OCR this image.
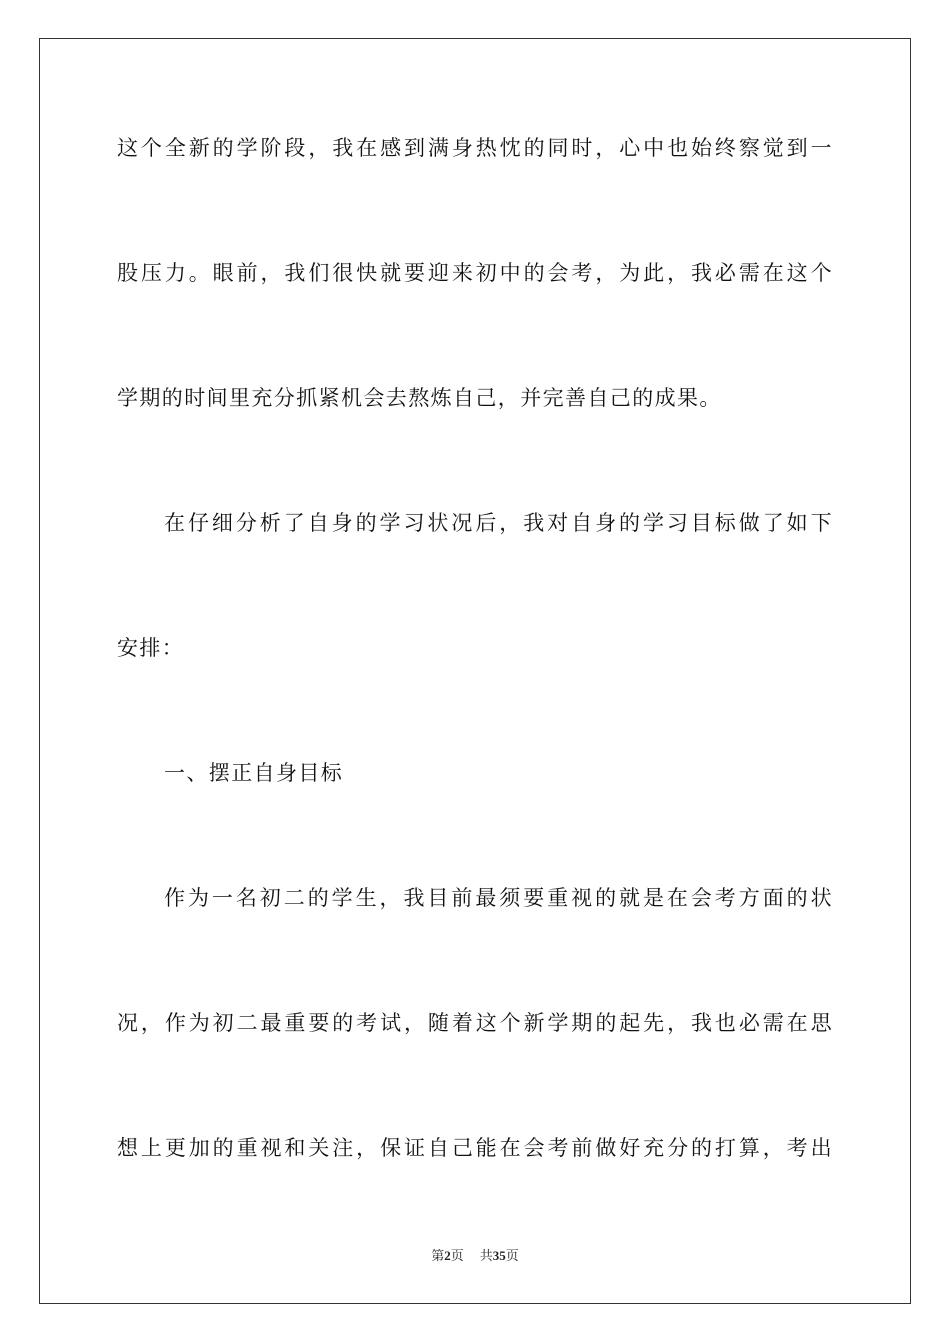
这个全新的学阶段，我在感到满身热忱的同时，心中也始终察觉到一
股压力。眼前，我们很快就要迎来初中的会考，为此，我必需在这个
学期的时间里充分抓紧机会去熬炼自己，并完善自己的成果。
在仔细分析了自身的学习状况后，我对自身的学习目标做了如下
安排：
一、摆正自身目标
作为一名初二的学生，我目前最须要重视的就是在会考方面的状
况，作为初二最重要的考试，随着这个新学期的起先，我也必需在思
想上更加的重视和关注，保证自己能在会考前做好充分的打算，考出
第2页 共35页
